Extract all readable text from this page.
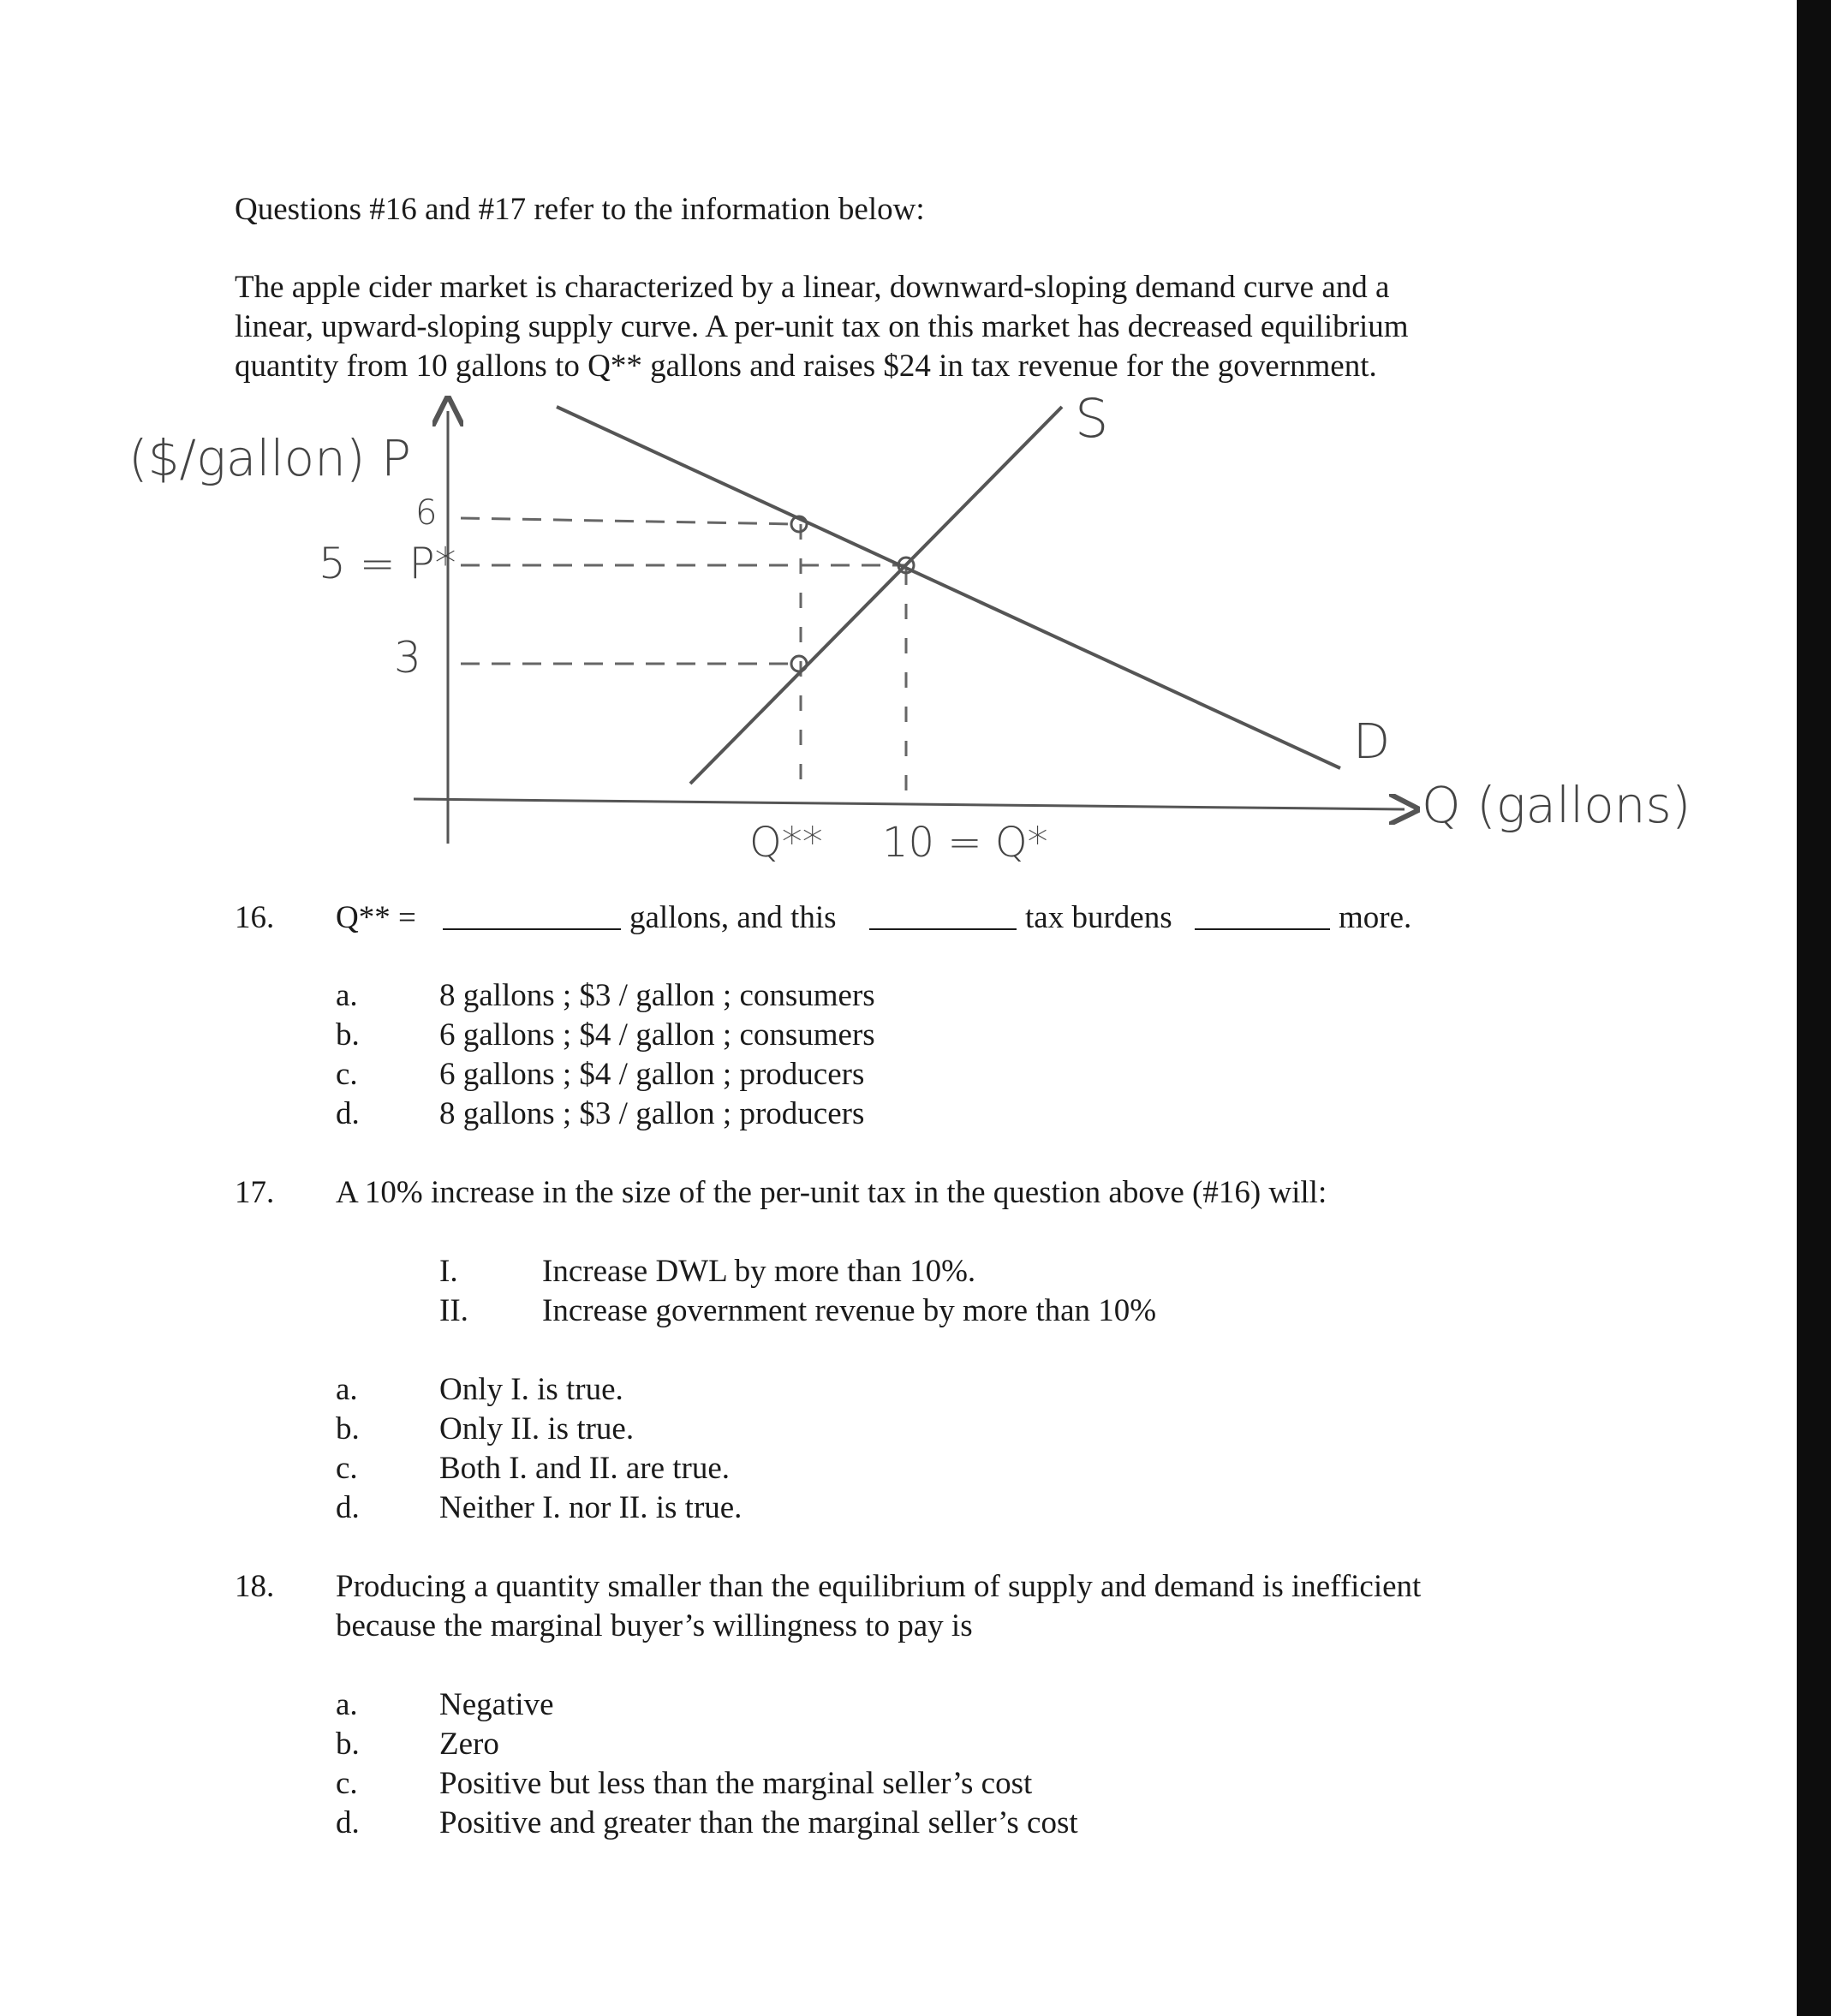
Questions #16 and #17 refer to the information below:
The apple cider market is characterized by a linear, downward-sloping demand curve and a
linear, upward-sloping supply curve. A per-unit tax on this market has decreased equilibrium
quantity from 10 gallons to Q** gallons and raises $24 in tax revenue for the government.
($/gallon) P
S
D
Q (gallons)
6
5 = P*
3
Q** 10 = Q*
16. Q** =	gallons, and this	tax burdens	more.
a.	8 gallons ; $3 / gallon ; consumers
b.	6 gallons ; $4 / gallon ; consumers
c.	6 gallons ; $4 / gallon ; producers
d.	8 gallons ; $3 / gallon ; producers
17. A 10% increase in the size of the per-unit tax in the question above (#16) will:
I.	Increase DWL by more than 10%.
II. Increase government revenue by more than 10%
a.	Only I. is true.
b.	Only II. is true.
c.	Both I. and II. are true.
d.	Neither I. nor II. is true.
18. Producing a quantity smaller than the equilibrium of supply and demand is inefficient
because the marginal buyer’s willingness to pay is
a.	Negative
b.	Zero
c.	Positive but less than the marginal seller’s cost
d.	Positive and greater than the marginal seller’s cost
